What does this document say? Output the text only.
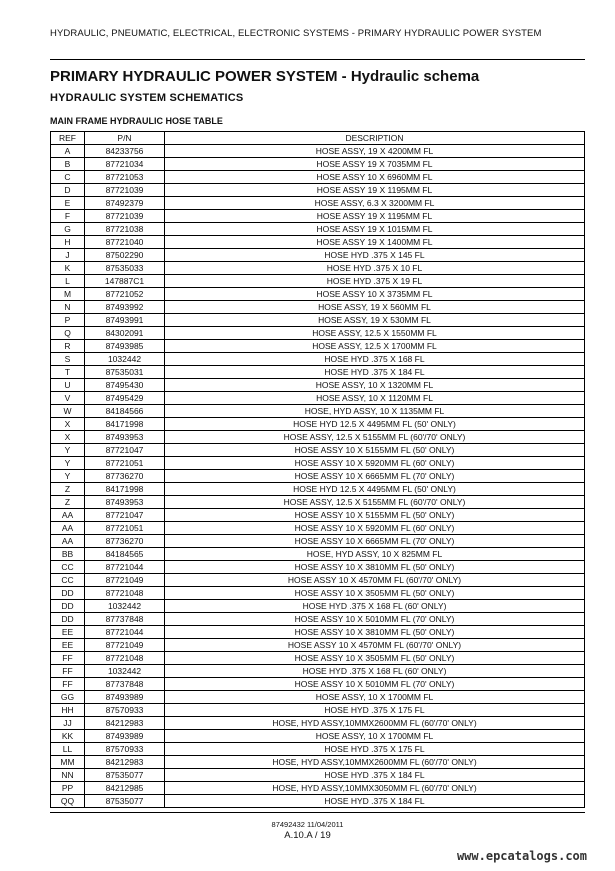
HYDRAULIC, PNEUMATIC, ELECTRICAL, ELECTRONIC SYSTEMS - PRIMARY HYDRAULIC POWER SYSTEM
PRIMARY HYDRAULIC POWER SYSTEM - Hydraulic schema
HYDRAULIC SYSTEM SCHEMATICS
MAIN FRAME HYDRAULIC HOSE TABLE
REF	P/N	DESCRIPTION
A	84233756	HOSE ASSY, 19 X 4200MM FL
B	87721034	HOSE ASSY 19 X 7035MM FL
C	87721053	HOSE ASSY 10 X 6960MM FL
D	87721039	HOSE ASSY 19 X 1195MM FL
E	87492379	HOSE ASSY, 6.3 X 3200MM FL
F	87721039	HOSE ASSY 19 X 1195MM FL
G	87721038	HOSE ASSY 19 X 1015MM FL
H	87721040	HOSE ASSY 19 X 1400MM FL
J	87502290	HOSE HYD .375 X 145 FL
K	87535033	HOSE HYD .375 X 10 FL
L	147887C1	HOSE HYD .375 X 19 FL
M	87721052	HOSE ASSY 10 X 3735MM FL
N	87493992	HOSE ASSY, 19 X 560MM FL
P	87493991	HOSE ASSY, 19 X 530MM FL
Q	84302091	HOSE ASSY, 12.5 X 1550MM FL
R	87493985	HOSE ASSY, 12.5 X 1700MM FL
S	1032442	HOSE HYD .375 X 168 FL
T	87535031	HOSE HYD .375 X 184 FL
U	87495430	HOSE ASSY, 10 X 1320MM FL
V	87495429	HOSE ASSY, 10 X 1120MM FL
W	84184566	HOSE, HYD ASSY, 10 X 1135MM FL
X	84171998	HOSE HYD 12.5 X 4495MM FL (50' ONLY)
X	87493953	HOSE ASSY, 12.5 X 5155MM FL (60'/70' ONLY)
Y	87721047	HOSE ASSY 10 X 5155MM FL (50' ONLY)
Y	87721051	HOSE ASSY 10 X 5920MM FL (60' ONLY)
Y	87736270	HOSE ASSY 10 X 6665MM FL (70' ONLY)
Z	84171998	HOSE HYD 12.5 X 4495MM FL (50' ONLY)
Z	87493953	HOSE ASSY, 12.5 X 5155MM FL (60'/70' ONLY)
AA	87721047	HOSE ASSY 10 X 5155MM FL (50' ONLY)
AA	87721051	HOSE ASSY 10 X 5920MM FL (60' ONLY)
AA	87736270	HOSE ASSY 10 X 6665MM FL (70' ONLY)
BB	84184565	HOSE, HYD ASSY, 10 X 825MM FL
CC	87721044	HOSE ASSY 10 X 3810MM FL (50' ONLY)
CC	87721049	HOSE ASSY 10 X 4570MM FL (60'/70' ONLY)
DD	87721048	HOSE ASSY 10 X 3505MM FL (50' ONLY)
DD	1032442	HOSE HYD .375 X 168 FL (60' ONLY)
DD	87737848	HOSE ASSY 10 X 5010MM FL (70' ONLY)
EE	87721044	HOSE ASSY 10 X 3810MM FL (50' ONLY)
EE	87721049	HOSE ASSY 10 X 4570MM FL (60'/70' ONLY)
FF	87721048	HOSE ASSY 10 X 3505MM FL (50' ONLY)
FF	1032442	HOSE HYD .375 X 168 FL (60' ONLY)
FF	87737848	HOSE ASSY 10 X 5010MM FL (70' ONLY)
GG	87493989	HOSE ASSY, 10 X 1700MM FL
HH	87570933	HOSE HYD .375 X 175 FL
JJ	84212983	HOSE, HYD ASSY,10MMX2600MM FL (60'/70' ONLY)
KK	87493989	HOSE ASSY, 10 X 1700MM FL
LL	87570933	HOSE HYD .375 X 175 FL
MM	84212983	HOSE, HYD ASSY,10MMX2600MM FL (60'/70' ONLY)
NN	87535077	HOSE HYD .375 X 184 FL
PP	84212985	HOSE, HYD ASSY,10MMX3050MM FL (60'/70' ONLY)
QQ	87535077	HOSE HYD .375 X 184 FL
87492432 11/04/2011
A.10.A / 19
www.epcatalogs.com
